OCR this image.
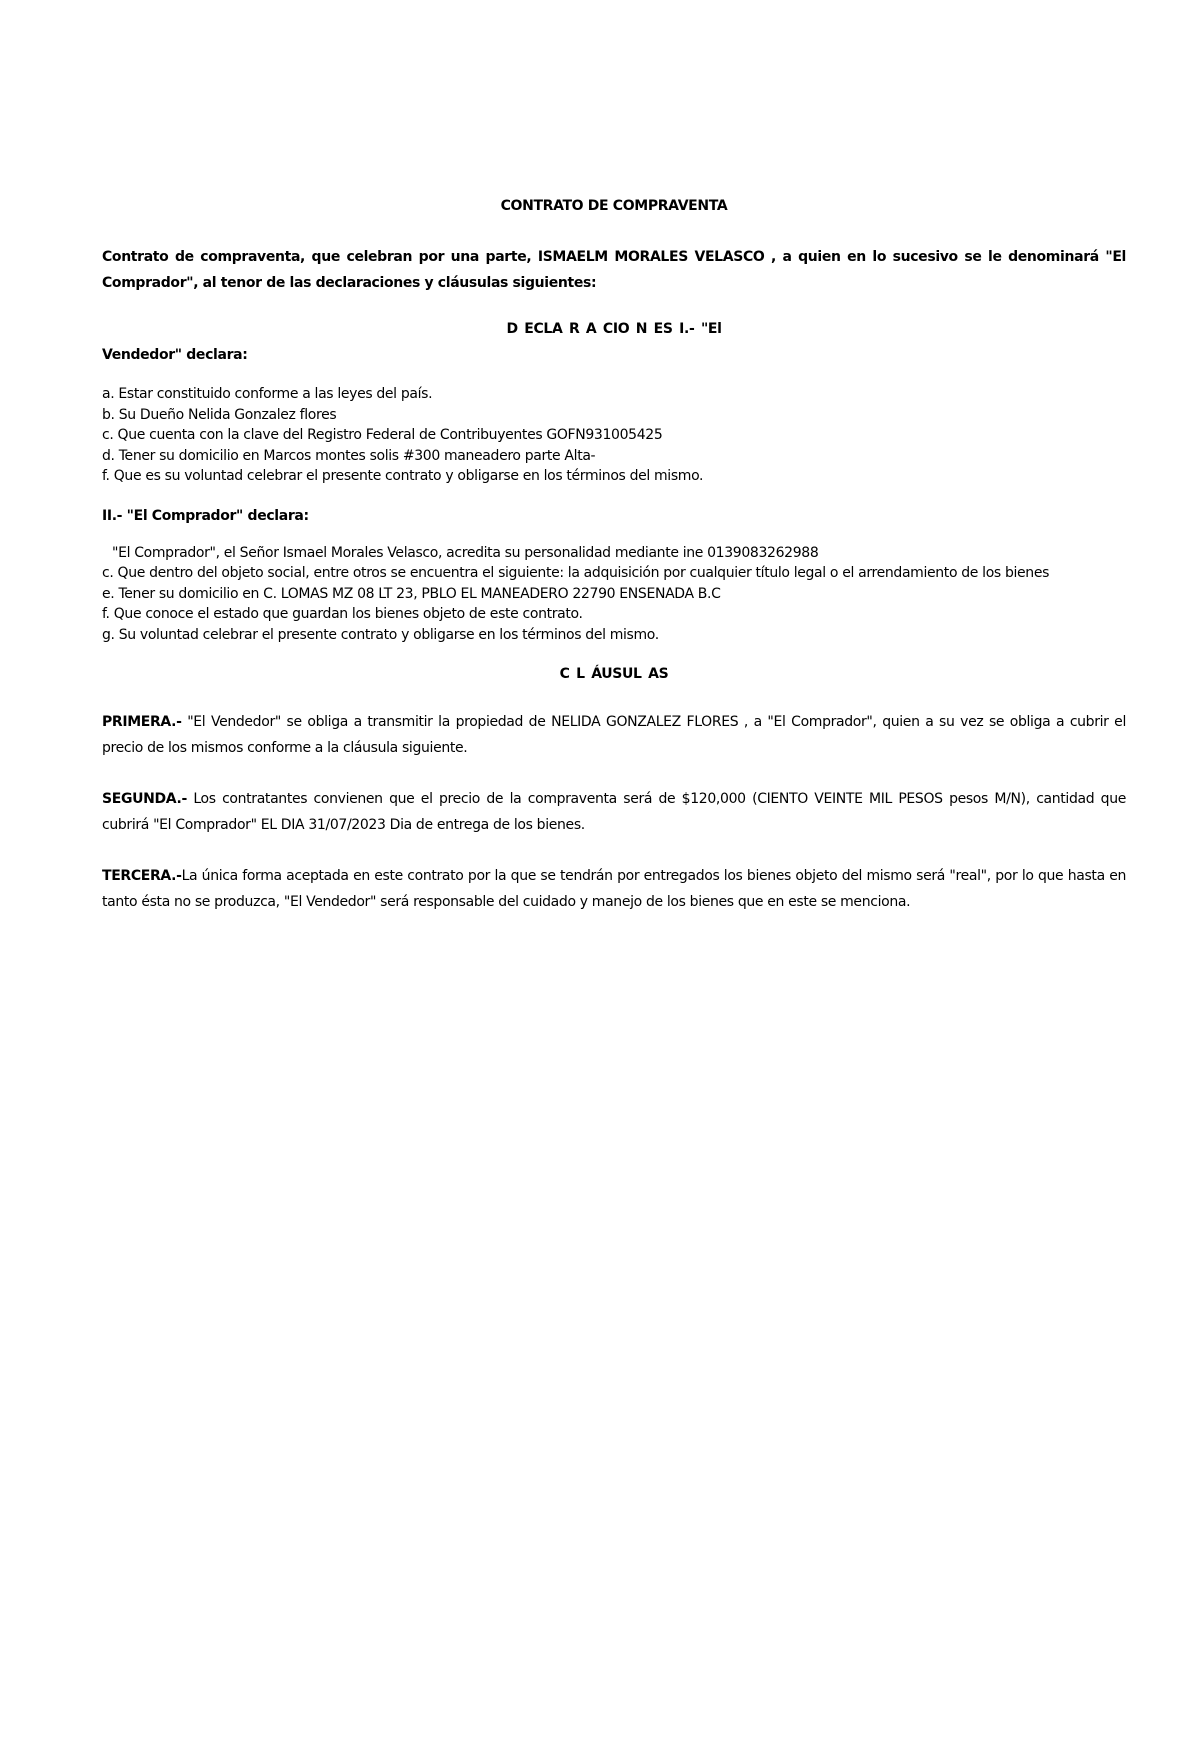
CONTRATO DE COMPRAVENTA
Contrato de compraventa, que celebran por una parte, ISMAELM MORALES VELASCO , a quien en lo sucesivo se le denominará "El Comprador", al tenor de las declaraciones y cláusulas siguientes:
D ECLA R A CIO N ES I.- "El
Vendedor" declara:
a. Estar constituido conforme a las leyes del país.
b. Su Dueño Nelida Gonzalez flores
c. Que cuenta con la clave del Registro Federal de Contribuyentes GOFN931005425
d. Tener su domicilio en Marcos montes solis #300 maneadero parte Alta-
f. Que es su voluntad celebrar el presente contrato y obligarse en los términos del mismo.
II.- "El Comprador" declara:
"El Comprador", el Señor Ismael Morales Velasco, acredita su personalidad mediante ine 0139083262988
c. Que dentro del objeto social, entre otros se encuentra el siguiente: la adquisición por cualquier título legal o el arrendamiento de los bienes
e. Tener su domicilio en C. LOMAS MZ 08 LT 23, PBLO EL MANEADERO 22790 ENSENADA B.C
f. Que conoce el estado que guardan los bienes objeto de este contrato.
g. Su voluntad celebrar el presente contrato y obligarse en los términos del mismo.
C L ÁUSUL AS
PRIMERA.- "El Vendedor" se obliga a transmitir la propiedad de NELIDA GONZALEZ FLORES , a "El Comprador", quien a su vez se obliga a cubrir el precio de los mismos conforme a la cláusula siguiente.
SEGUNDA.- Los contratantes convienen que el precio de la compraventa será de $120,000 (CIENTO VEINTE MIL PESOS pesos M/N), cantidad que cubrirá "El Comprador" EL DIA 31/07/2023 Dia de entrega de los bienes.
TERCERA.-La única forma aceptada en este contrato por la que se tendrán por entregados los bienes objeto del mismo será "real", por lo que hasta en tanto ésta no se produzca, "El Vendedor" será responsable del cuidado y manejo de los bienes que en este se menciona.
